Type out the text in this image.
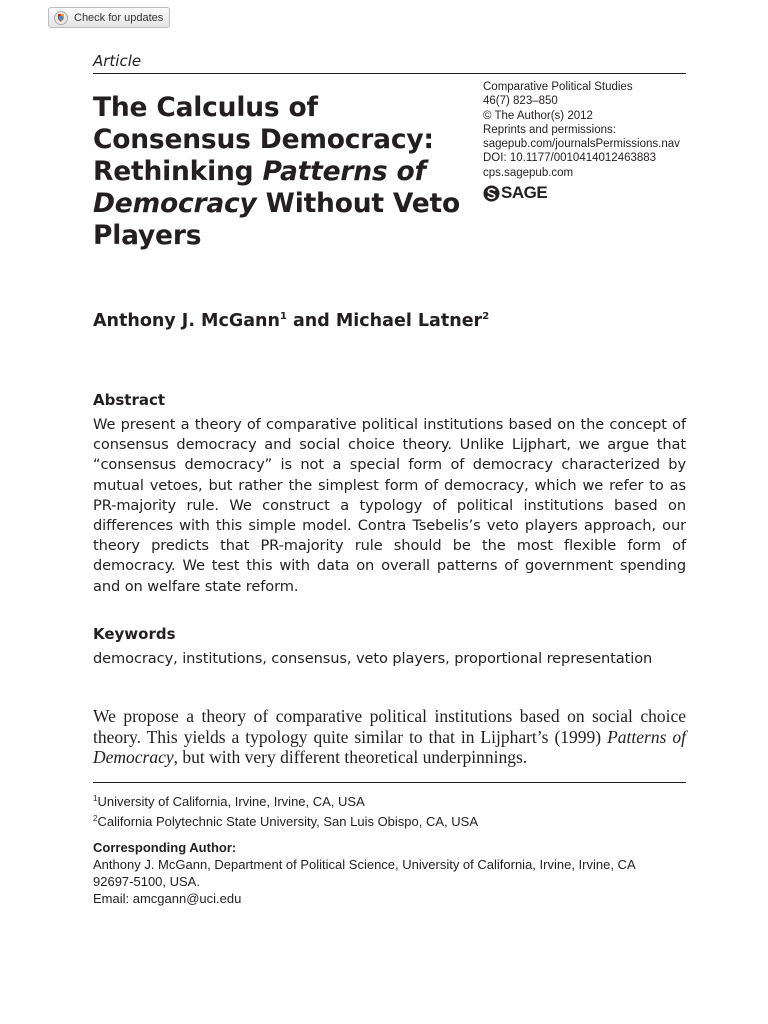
Check for updates
Article
The Calculus of Consensus Democracy: Rethinking Patterns of Democracy Without Veto Players
Comparative Political Studies
46(7) 823–850
© The Author(s) 2012
Reprints and permissions:
sagepub.com/journalsPermissions.nav
DOI: 10.1177/0010414012463883
cps.sagepub.com
SAGE
Anthony J. McGann$^1$ and Michael Latner$^2$
Abstract

We present a theory of comparative political institutions based on the concept of consensus democracy and social choice theory. Unlike Lijphart, we argue that “consensus democracy” is not a special form of democracy characterized by mutual vetoes, but rather the simplest form of democracy, which we refer to as PR-majority rule. We construct a typology of political institutions based on differences with this simple model. Contra Tsebelis’s veto players approach, our theory predicts that PR-majority rule should be the most flexible form of democracy. We test this with data on overall patterns of government spending and on welfare state reform.

Keywords
democracy, institutions, consensus, veto players, proportional representation

We propose a theory of comparative political institutions based on social choice theory. This yields a typology quite similar to that in Lijphart’s (1999) Patterns of Democracy, but with very different theoretical underpinnings.

$^1$University of California, Irvine, Irvine, CA, USA
$^2$California Polytechnic State University, San Luis Obispo, CA, USA
Corresponding Author:
Anthony J. McGann, Department of Political Science, University of California, Irvine, Irvine, CA
92697-5100, USA.
Email: amcgann@uci.edu
